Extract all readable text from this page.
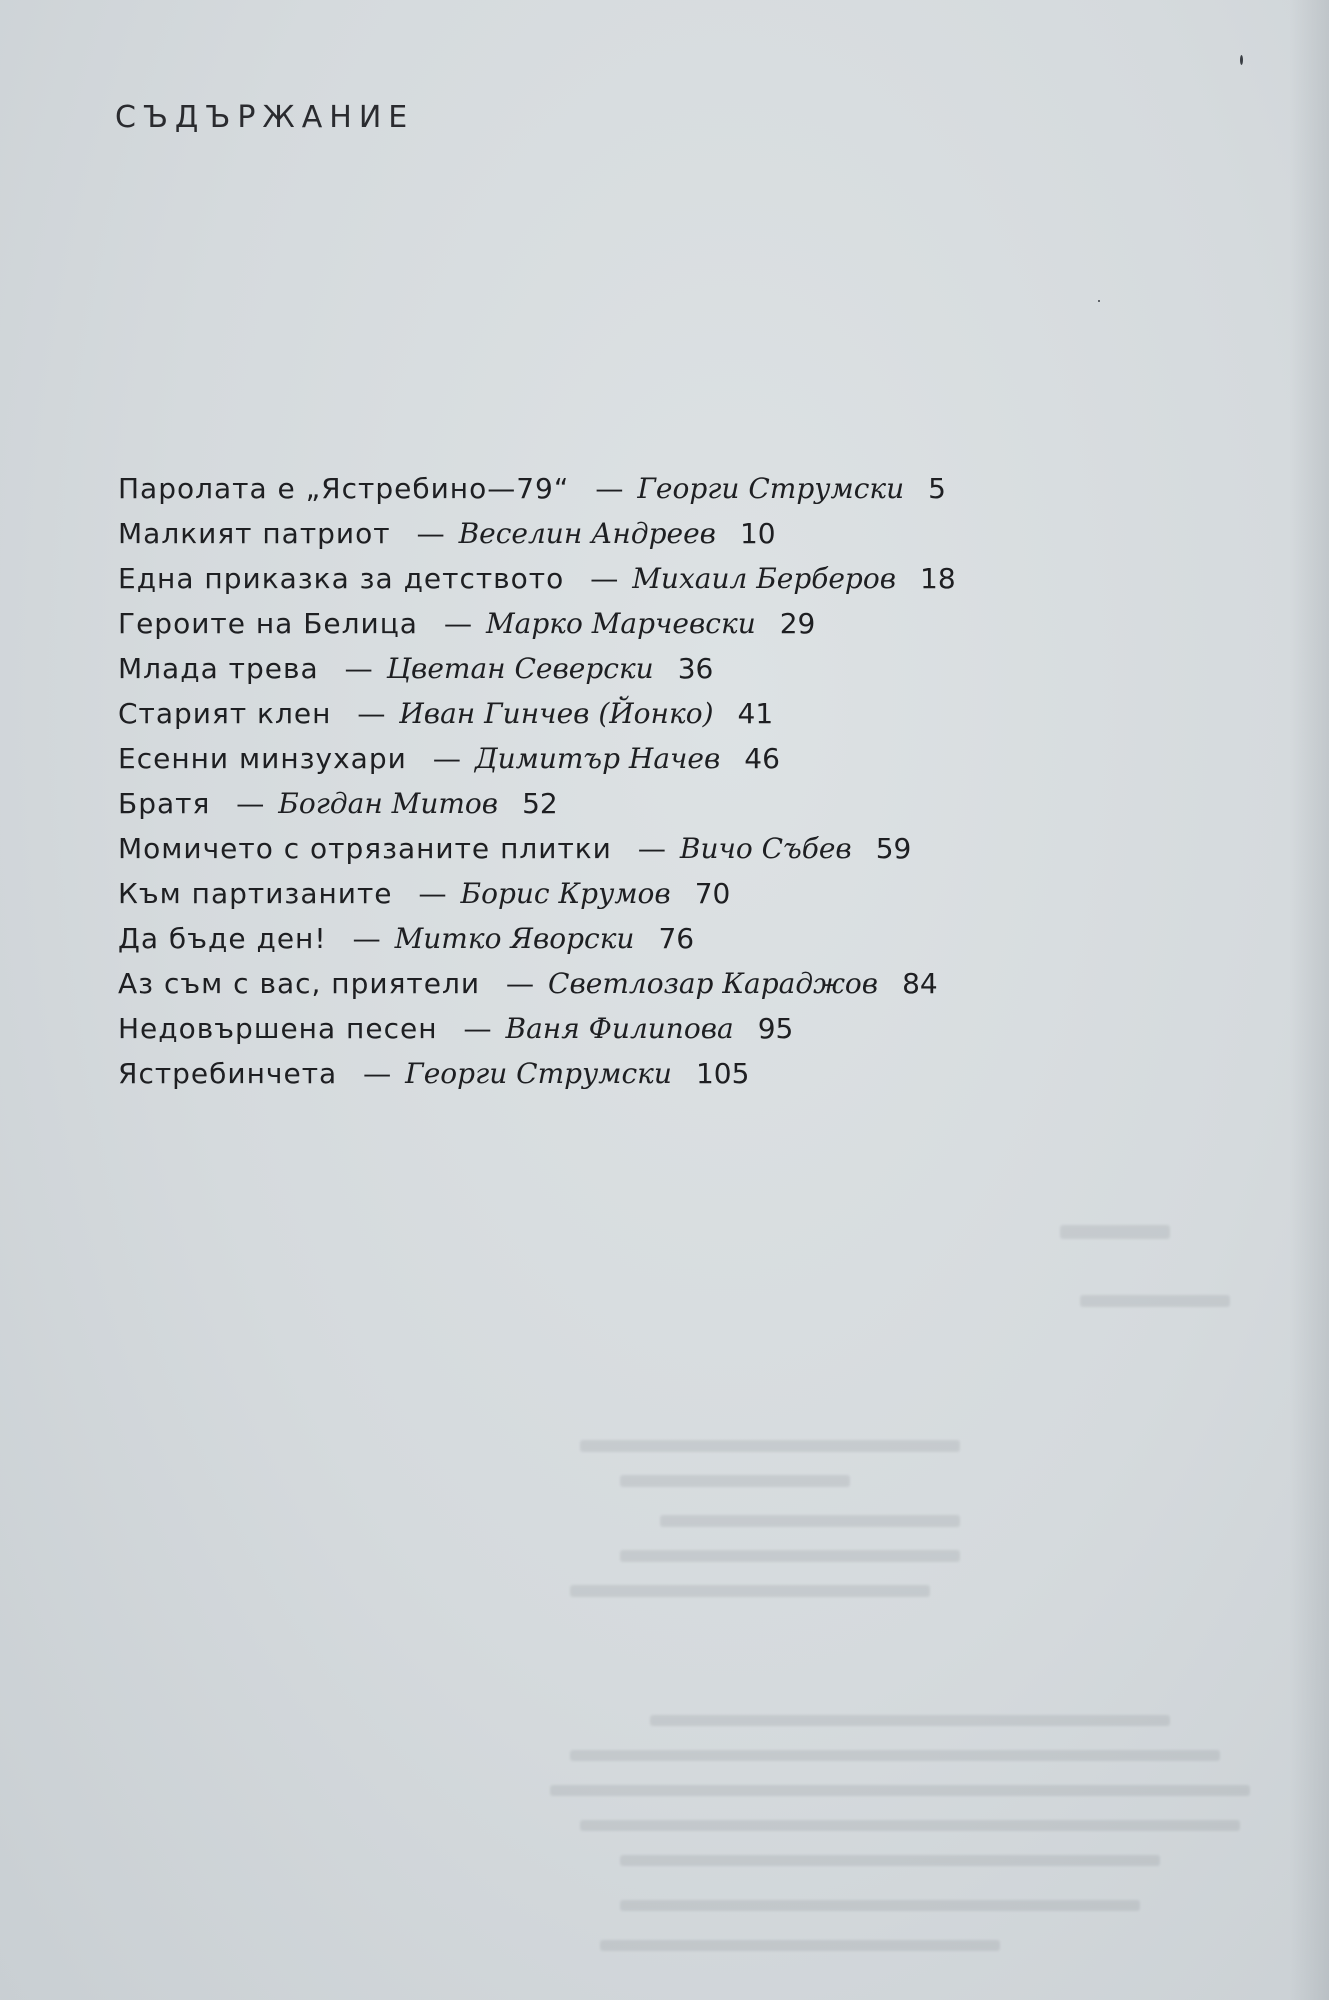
СЪДЪРЖАНИЕ
Паролата е „Ястребино—79“ — Георги Струмски 5
Малкият патриот — Веселин Андреев 10
Една приказка за детството — Михаил Берберов 18
Героите на Белица — Марко Марчевски 29
Млада трева — Цветан Северски 36
Старият клен — Иван Гинчев (Йонко) 41
Есенни минзухари — Димитър Начев 46
Братя — Богдан Митов 52
Момичето с отрязаните плитки — Вичо Събев 59
Към партизаните — Борис Крумов 70
Да бъде ден! — Митко Яворски 76
Аз съм с вас, приятели — Светлозар Караджов 84
Недовършена песен — Ваня Филипова 95
Ястребинчета — Георги Струмски 105
